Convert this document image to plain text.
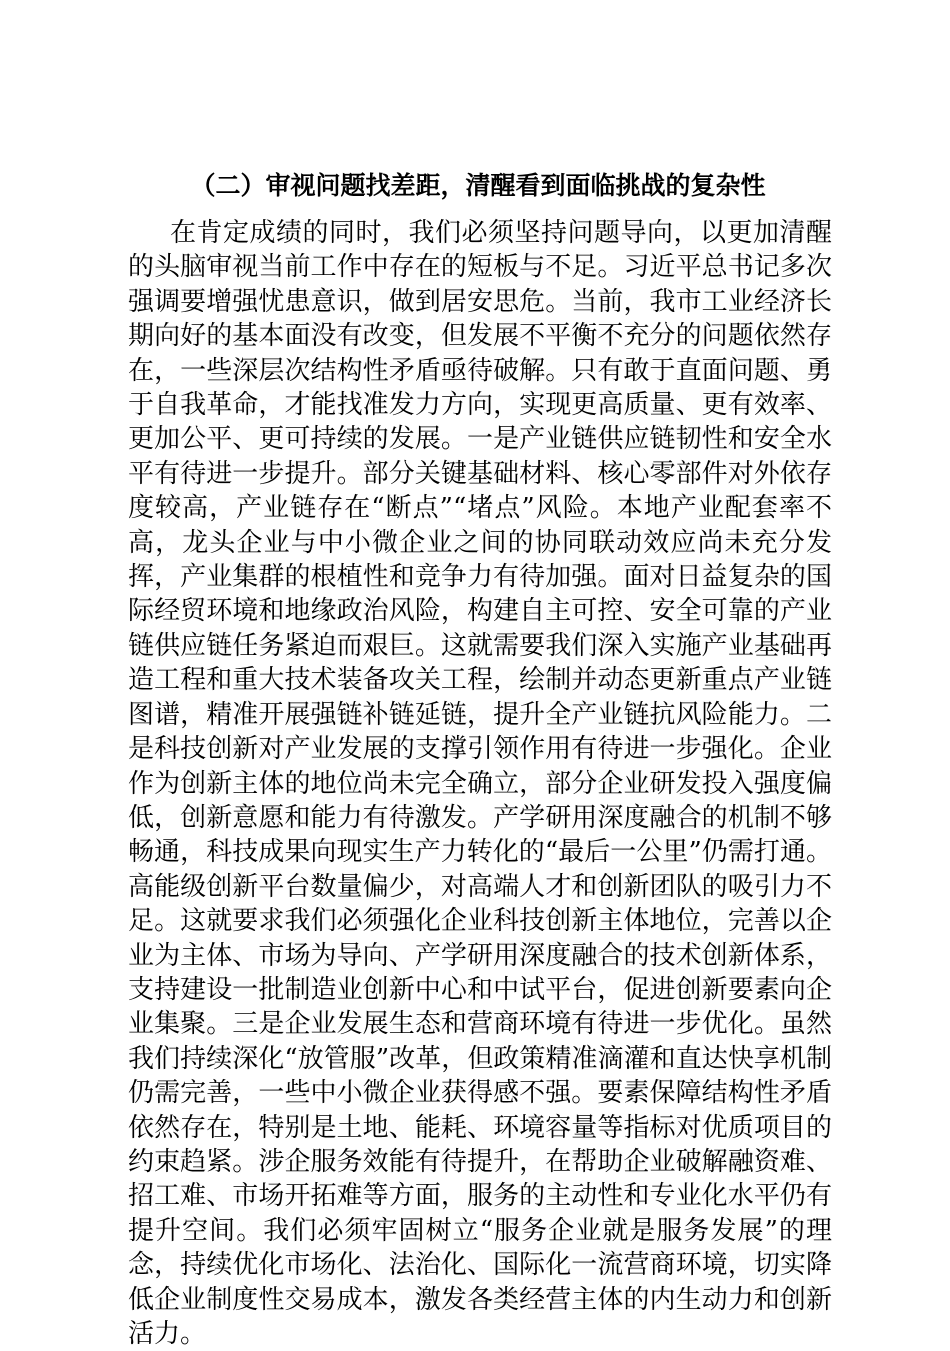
（二）审视问题找差距，清醒看到面临挑战的复杂性

在肯定成绩的同时，我们必须坚持问题导向，以更加清醒的头脑审视当前工作中存在的短板与不足。习近平总书记多次强调要增强忧患意识，做到居安思危。当前，我市工业经济长期向好的基本面没有改变，但发展不平衡不充分的问题依然存在，一些深层次结构性矛盾亟待破解。只有敢于直面问题、勇于自我革命，才能找准发力方向，实现更高质量、更有效率、更加公平、更可持续的发展。一是产业链供应链韧性和安全水平有待进一步提升。部分关键基础材料、核心零部件对外依存度较高，产业链存在“断点”“堵点”风险。本地产业配套率不高，龙头企业与中小微企业之间的协同联动效应尚未充分发挥，产业集群的根植性和竞争力有待加强。面对日益复杂的国际经贸环境和地缘政治风险，构建自主可控、安全可靠的产业链供应链任务紧迫而艰巨。这就需要我们深入实施产业基础再造工程和重大技术装备攻关工程，绘制并动态更新重点产业链图谱，精准开展强链补链延链，提升全产业链抗风险能力。二是科技创新对产业发展的支撑引领作用有待进一步强化。企业作为创新主体的地位尚未完全确立，部分企业研发投入强度偏低，创新意愿和能力有待激发。产学研用深度融合的机制不够畅通，科技成果向现实生产力转化的“最后一公里”仍需打通。高能级创新平台数量偏少，对高端人才和创新团队的吸引力不足。这就要求我们必须强化企业科技创新主体地位，完善以企业为主体、市场为导向、产学研用深度融合的技术创新体系，支持建设一批制造业创新中心和中试平台，促进创新要素向企业集聚。三是企业发展生态和营商环境有待进一步优化。虽然我们持续深化“放管服”改革，但政策精准滴灌和直达快享机制仍需完善，一些中小微企业获得感不强。要素保障结构性矛盾依然存在，特别是土地、能耗、环境容量等指标对优质项目的约束趋紧。涉企服务效能有待提升，在帮助企业破解融资难、招工难、市场开拓难等方面，服务的主动性和专业化水平仍有提升空间。我们必须牢固树立“服务企业就是服务发展”的理念，持续优化市场化、法治化、国际化一流营商环境，切实降低企业制度性交易成本，激发各类经营主体的内生动力和创新活力。
